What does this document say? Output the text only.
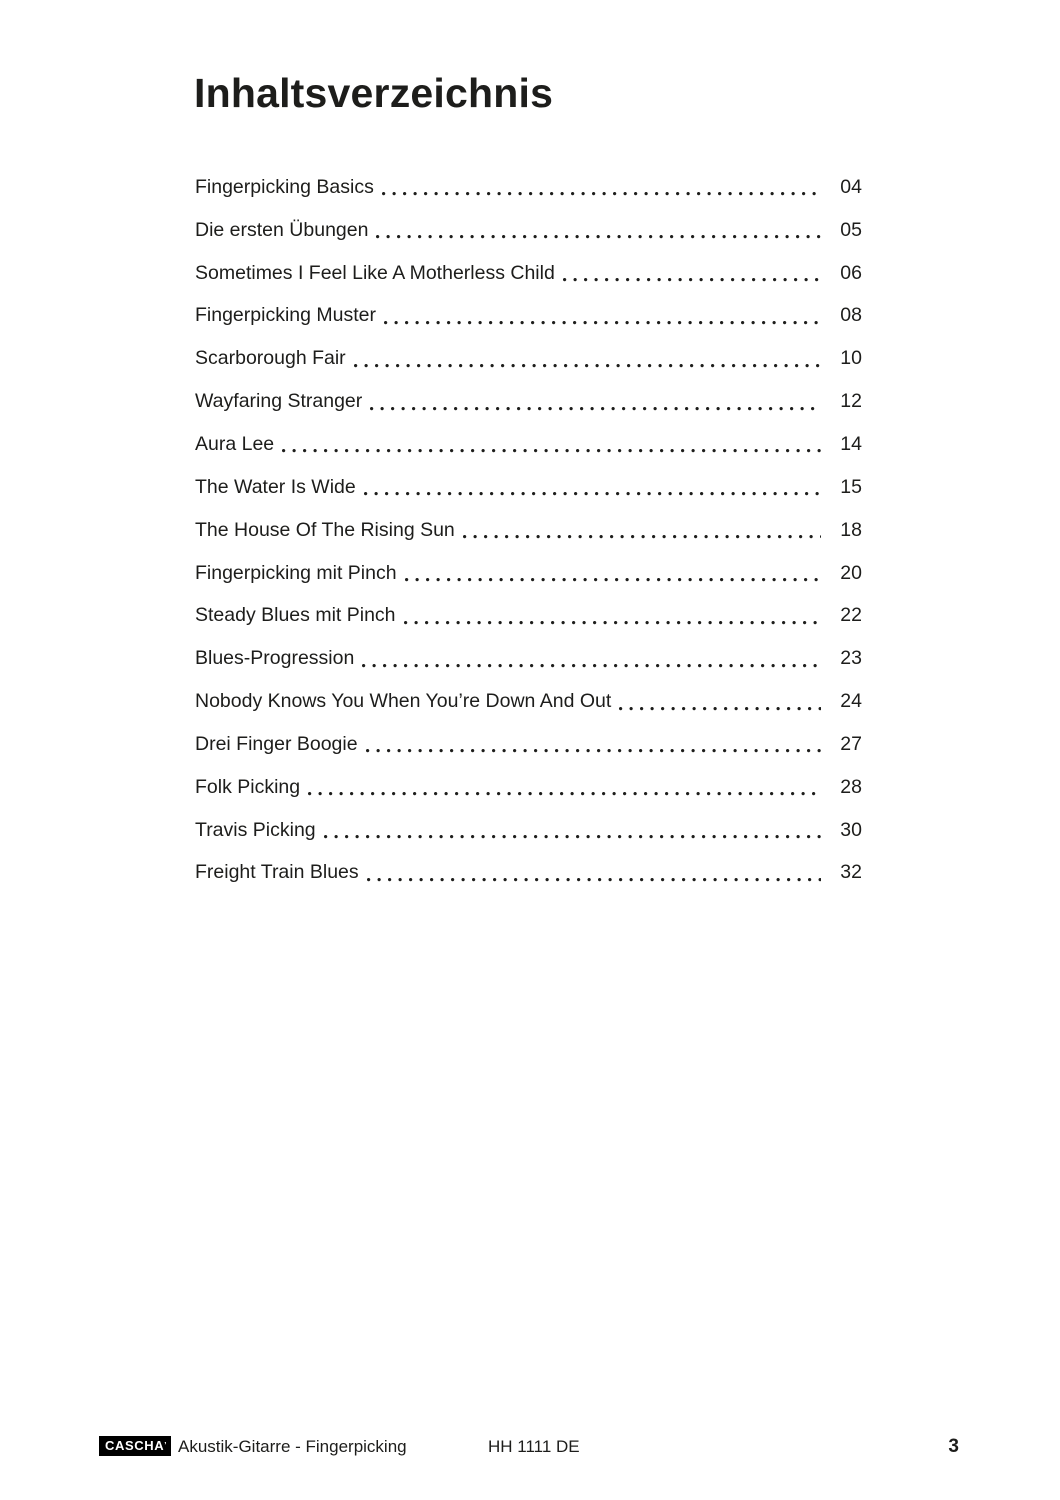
Inhaltsverzeichnis
Fingerpicking Basics	04
Die ersten Übungen	05
Sometimes I Feel Like A Motherless Child	06
Fingerpicking Muster	08
Scarborough Fair	10
Wayfaring Stranger	12
Aura Lee	14
The Water Is Wide	15
The House Of The Rising Sun	18
Fingerpicking mit Pinch	20
Steady Blues mit Pinch	22
Blues-Progression	23
Nobody Knows You When You’re Down And Out	24
Drei Finger Boogie	27
Folk Picking	28
Travis Picking	30
Freight Train Blues	32
CASCHA’ Akustik-Gitarre - Fingerpicking	HH 1111 DE	3
